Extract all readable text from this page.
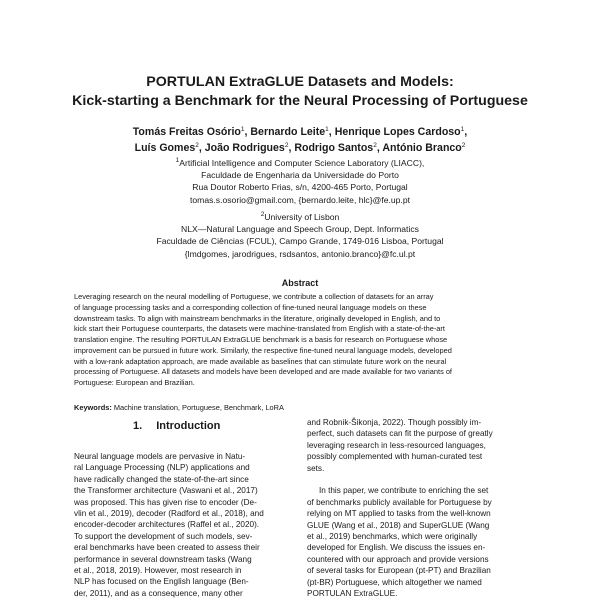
PORTULAN ExtraGLUE Datasets and Models:
Kick-starting a Benchmark for the Neural Processing of Portuguese
Tomás Freitas Osório$^1$, Bernardo Leite$^1$, Henrique Lopes Cardoso$^1$,
Luís Gomes$^2$, João Rodrigues$^2$, Rodrigo Santos$^2$, António Branco$^2$
$^1$Artificial Intelligence and Computer Science Laboratory (LIACC),
Faculdade de Engenharia da Universidade do Porto
Rua Doutor Roberto Frias, s/n, 4200-465 Porto, Portugal
tomas.s.osorio@gmail.com, {bernardo.leite, hlc}@fe.up.pt
$^2$University of Lisbon
NLX—Natural Language and Speech Group, Dept. Informatics
Faculdade de Ciências (FCUL), Campo Grande, 1749-016 Lisboa, Portugal
{lmdgomes, jarodrigues, rsdsantos, antonio.branco}@fc.ul.pt
Abstract
Leveraging research on the neural modelling of Portuguese, we contribute a collection of datasets for an array
of language processing tasks and a corresponding collection of fine-tuned neural language models on these
downstream tasks. To align with mainstream benchmarks in the literature, originally developed in English, and to
kick start their Portuguese counterparts, the datasets were machine-translated from English with a state-of-the-art
translation engine. The resulting PORTULAN ExtraGLUE benchmark is a basis for research on Portuguese whose
improvement can be pursued in future work. Similarly, the respective fine-tuned neural language models, developed
with a low-rank adaptation approach, are made available as baselines that can stimulate future work on the neural
processing of Portuguese. All datasets and models have been developed and are made available for two variants of
Portuguese: European and Brazilian.
Keywords: Machine translation, Portuguese, Benchmark, LoRA
1. Introduction
Neural language models are pervasive in Natu-
ral Language Processing (NLP) applications and
have radically changed the state-of-the-art since
the Transformer architecture (Vaswani et al., 2017)
was proposed. This has given rise to encoder (De-
vlin et al., 2019), decoder (Radford et al., 2018), and
encoder-decoder architectures (Raffel et al., 2020).
To support the development of such models, sev-
eral benchmarks have been created to assess their
performance in several downstream tasks (Wang
et al., 2018, 2019). However, most research in
NLP has focused on the English language (Ben-
der, 2011), and as a consequence, many other
and Robnik-Šikonja, 2022). Though possibly im-
perfect, such datasets can fit the purpose of greatly
leveraging research in less-resourced languages,
possibly complemented with human-curated test
sets.
In this paper, we contribute to enriching the set
of benchmarks publicly available for Portuguese by
relying on MT applied to tasks from the well-known
GLUE (Wang et al., 2018) and SuperGLUE (Wang
et al., 2019) benchmarks, which were originally
developed for English. We discuss the issues en-
countered with our approach and provide versions
of several tasks for European (pt-PT) and Brazilian
(pt-BR) Portuguese, which altogether we named
PORTULAN ExtraGLUE.
